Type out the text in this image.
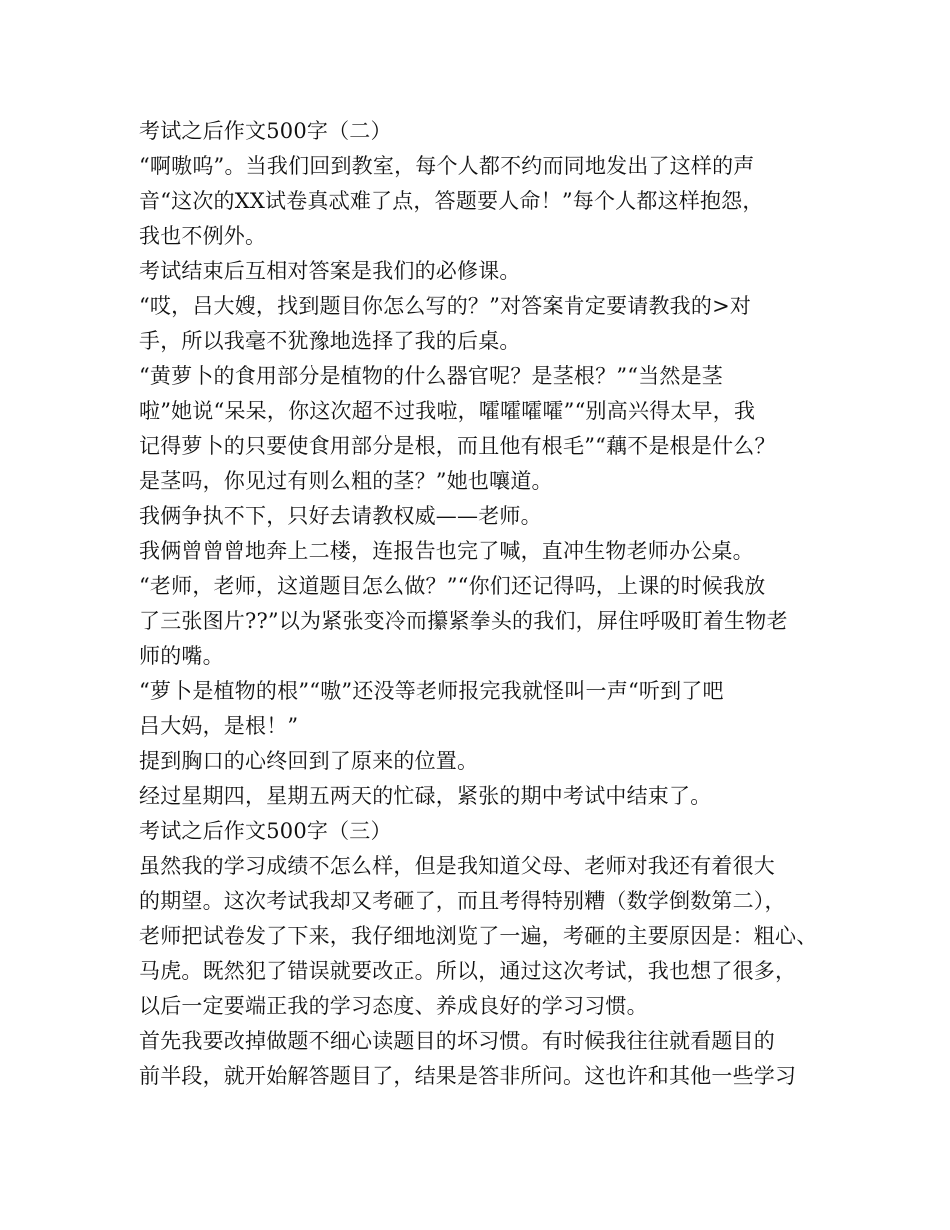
考试之后作文500字（二）
“啊嗷呜”。当我们回到教室，每个人都不约而同地发出了这样的声
音“这次的XX试卷真忒难了点，答题要人命！”每个人都这样抱怨，
我也不例外。
考试结束后互相对答案是我们的必修课。
“哎，吕大嫂，找到题目你怎么写的？”对答案肯定要请教我的>对
手，所以我毫不犹豫地选择了我的后桌。
“黄萝卜的食用部分是植物的什么器官呢？是茎根？”“当然是茎
啦”她说“呆呆，你这次超不过我啦，嚯嚯嚯嚯”“别高兴得太早，我
记得萝卜的只要使食用部分是根，而且他有根毛”“藕不是根是什么？
是茎吗，你见过有则么粗的茎？”她也嚷道。
我俩争执不下，只好去请教权威——老师。
我俩曾曾曾地奔上二楼，连报告也完了喊，直冲生物老师办公桌。
“老师，老师，这道题目怎么做？”“你们还记得吗，上课的时候我放
了三张图片??”以为紧张变冷而攥紧拳头的我们，屏住呼吸盯着生物老
师的嘴。
“萝卜是植物的根”“嗷”还没等老师报完我就怪叫一声“听到了吧
吕大妈，是根！”
提到胸口的心终回到了原来的位置。
经过星期四，星期五两天的忙碌，紧张的期中考试中结束了。
考试之后作文500字（三）
虽然我的学习成绩不怎么样，但是我知道父母、老师对我还有着很大
的期望。这次考试我却又考砸了，而且考得特别糟（数学倒数第二），
老师把试卷发了下来，我仔细地浏览了一遍，考砸的主要原因是：粗心、
马虎。既然犯了错误就要改正。所以，通过这次考试，我也想了很多，
以后一定要端正我的学习态度、养成良好的学习习惯。
首先我要改掉做题不细心读题目的坏习惯。有时候我往往就看题目的
前半段，就开始解答题目了，结果是答非所问。这也许和其他一些学习
